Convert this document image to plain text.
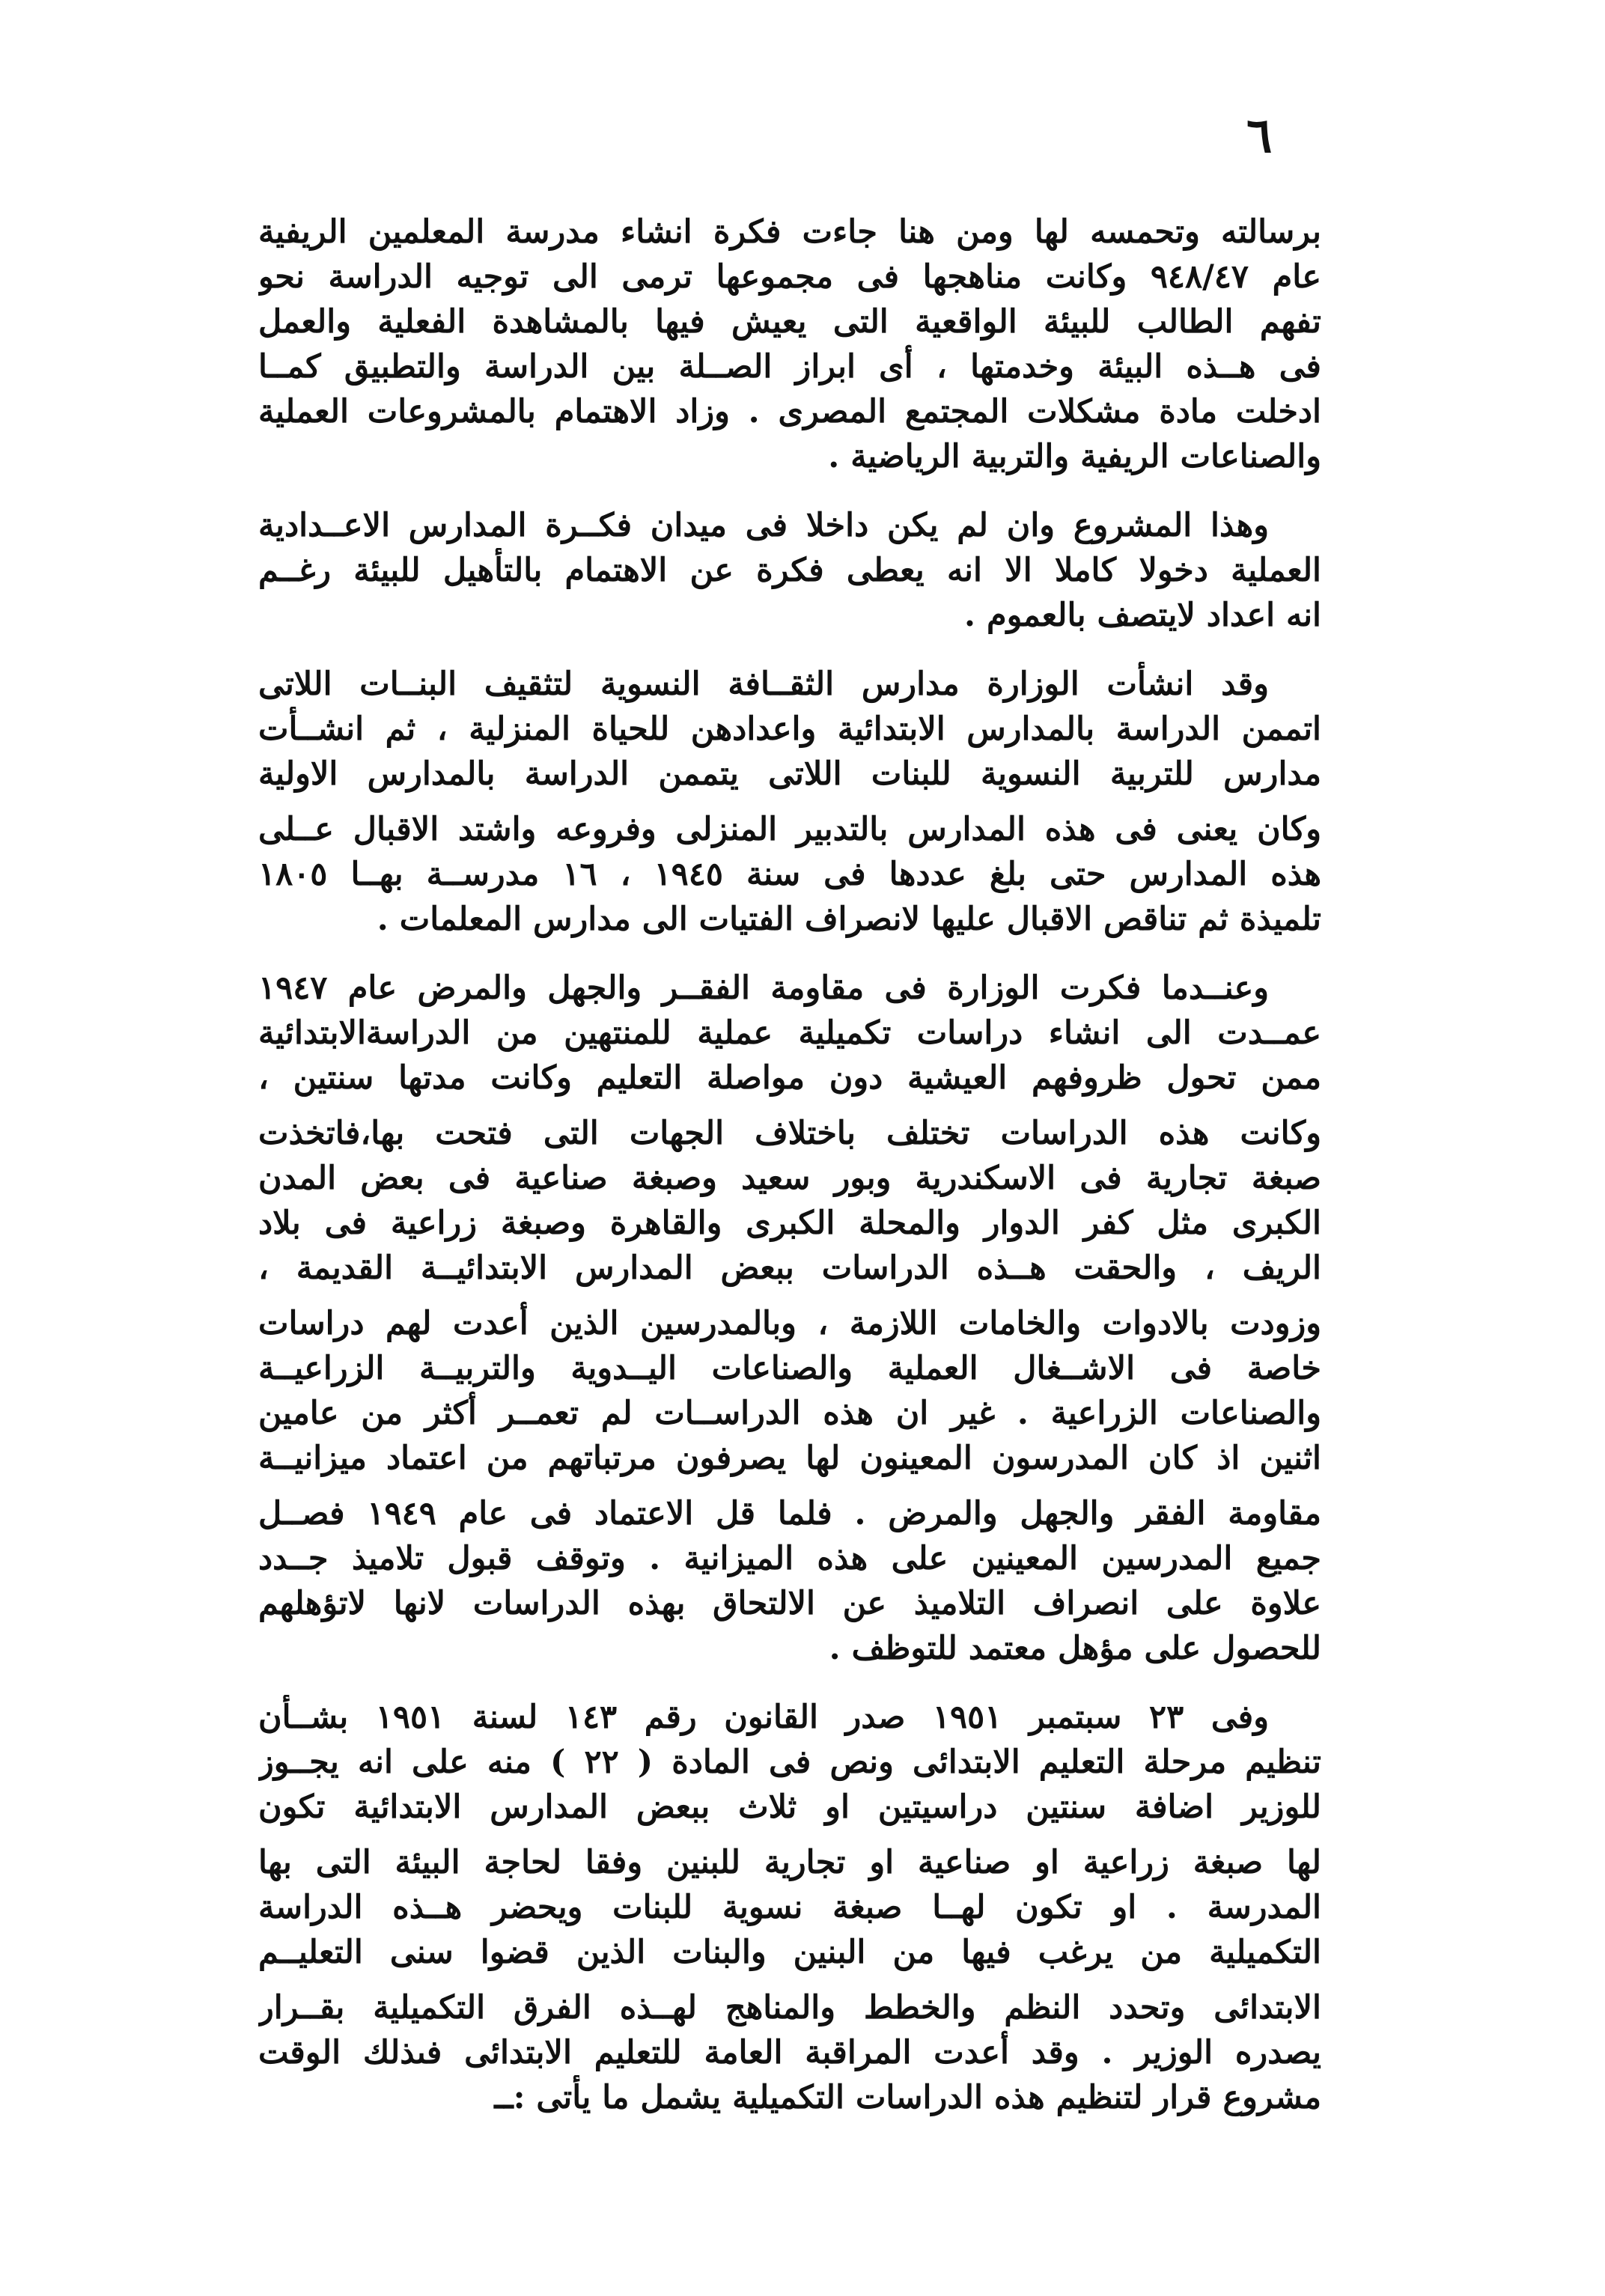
٦
برسالته وتحمسه لها ومن هنا جاءت فكرة انشاء مدرسة المعلمين الريفية
عام ٩٤٨/٤٧ وكانت مناهجها فى مجموعها ترمى الى توجيه الدراسة نحو
تفهم الطالب للبيئة الواقعية التى يعيش فيها بالمشاهدة الفعلية والعمل
فى هــذه البيئة وخدمتها ، أى ابراز الصــلة بين الدراسة والتطبيق كمــا
ادخلت مادة مشكلات المجتمع المصرى . وزاد الاهتمام بالمشروعات العملية
والصناعات الريفية والتربية الرياضية .
وهذا المشروع وان لم يكن داخلا فى ميدان فكــرة المدارس الاعــدادية
العملية دخولا كاملا الا انه يعطى فكرة عن الاهتمام بالتأهيل للبيئة رغــم
انه اعداد لايتصف بالعموم .
وقد انشأت الوزارة مدارس الثقــافة النسوية لتثقيف البنــات اللاتى
اتممن الدراسة بالمدارس الابتدائية واعدادهن للحياة المنزلية ، ثم انشــأت
مدارس للتربية النسوية للبنات اللاتى يتممن الدراسة بالمدارس الاولية
وكان يعنى فى هذه المدارس بالتدبير المنزلى وفروعه واشتد الاقبال عــلى
هذه المدارس حتى بلغ عددها فى سنة ١٩٤٥ ، ١٦ مدرســة بهــا ١٨٠٥
تلميذة ثم تناقص الاقبال عليها لانصراف الفتيات الى مدارس المعلمات .
وعنــدما فكرت الوزارة فى مقاومة الفقــر والجهل والمرض عام ١٩٤٧
عمــدت الى انشاء دراسات تكميلية عملية للمنتهين من الدراسةالابتدائية
ممن تحول ظروفهم العيشية دون مواصلة التعليم وكانت مدتها سنتين ،
وكانت هذه الدراسات تختلف باختلاف الجهات التى فتحت بها،فاتخذت
صبغة تجارية فى الاسكندرية وبور سعيد وصبغة صناعية فى بعض المدن
الكبرى مثل كفر الدوار والمحلة الكبرى والقاهرة وصبغة زراعية فى بلاد
الريف ، والحقت هــذه الدراسات ببعض المدارس الابتدائيــة القديمة ،
وزودت بالادوات والخامات اللازمة ، وبالمدرسين الذين أعدت لهم دراسات
خاصة فى الاشــغال العملية والصناعات اليــدوية والتربيــة الزراعيــة
والصناعات الزراعية . غير ان هذه الدراســات لم تعمــر أكثر من عامين
اثنين اذ كان المدرسون المعينون لها يصرفون مرتباتهم من اعتماد ميزانيــة
مقاومة الفقر والجهل والمرض . فلما قل الاعتماد فى عام ١٩٤٩ فصــل
جميع المدرسين المعينين على هذه الميزانية . وتوقف قبول تلاميذ جــدد
علاوة على انصراف التلاميذ عن الالتحاق بهذه الدراسات لانها لاتؤهلهم
للحصول على مؤهل معتمد للتوظف .
وفى ٢٣ سبتمبر ١٩٥١ صدر القانون رقم ١٤٣ لسنة ١٩٥١ بشــأن
تنظيم مرحلة التعليم الابتدائى ونص فى المادة ( ٢٢ ) منه على انه يجــوز
للوزير اضافة سنتين دراسيتين او ثلاث ببعض المدارس الابتدائية تكون
لها صبغة زراعية او صناعية او تجارية للبنين وفقا لحاجة البيئة التى بها
المدرسة . او تكون لهــا صبغة نسوية للبنات ويحضر هــذه الدراسة
التكميلية من يرغب فيها من البنين والبنات الذين قضوا سنى التعليــم
الابتدائى وتحدد النظم والخطط والمناهج لهــذه الفرق التكميلية بقــرار
يصدره الوزير . وقد أعدت المراقبة العامة للتعليم الابتدائى فىذلك الوقت
مشروع قرار لتنظيم هذه الدراسات التكميلية يشمل ما يأتى :ــ
